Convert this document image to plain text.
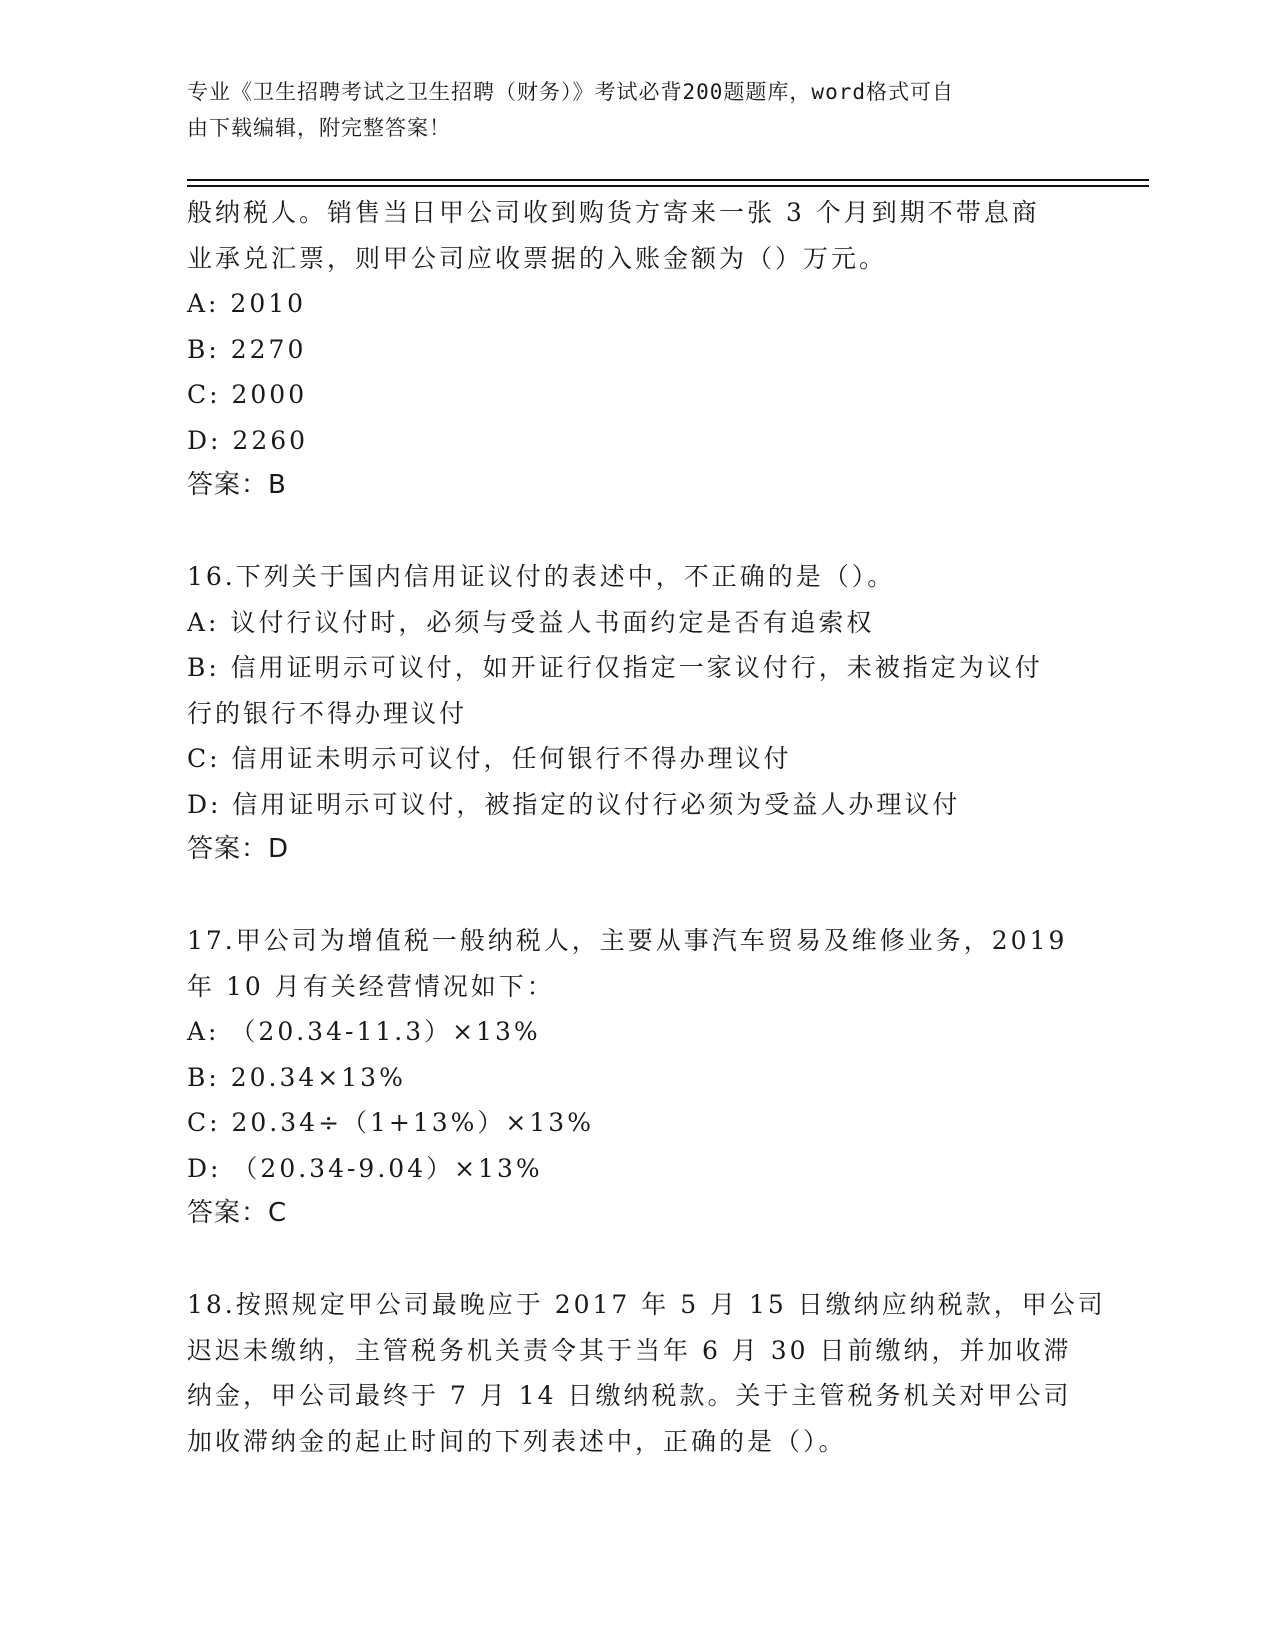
专业《卫生招聘考试之卫生招聘（财务）》考试必背200题题库，word格式可自
由下载编辑，附完整答案！
般纳税人。销售当日甲公司收到购货方寄来一张 3 个月到期不带息商
业承兑汇票，则甲公司应收票据的入账金额为（）万元。
A: 2010
B: 2270
C: 2000
D: 2260
答案：B
16.下列关于国内信用证议付的表述中，不正确的是（）。
A: 议付行议付时，必须与受益人书面约定是否有追索权
B: 信用证明示可议付，如开证行仅指定一家议付行，未被指定为议付
行的银行不得办理议付
C: 信用证未明示可议付，任何银行不得办理议付
D: 信用证明示可议付，被指定的议付行必须为受益人办理议付
答案：D
17.甲公司为增值税一般纳税人，主要从事汽车贸易及维修业务，2019
年 10 月有关经营情况如下：
A: （20.34-11.3）×13%
B: 20.34×13%
C: 20.34÷（1+13%）×13%
D: （20.34-9.04）×13%
答案：C
18.按照规定甲公司最晚应于 2017 年 5 月 15 日缴纳应纳税款，甲公司
迟迟未缴纳，主管税务机关责令其于当年 6 月 30 日前缴纳，并加收滞
纳金，甲公司最终于 7 月 14 日缴纳税款。关于主管税务机关对甲公司
加收滞纳金的起止时间的下列表述中，正确的是（）。
